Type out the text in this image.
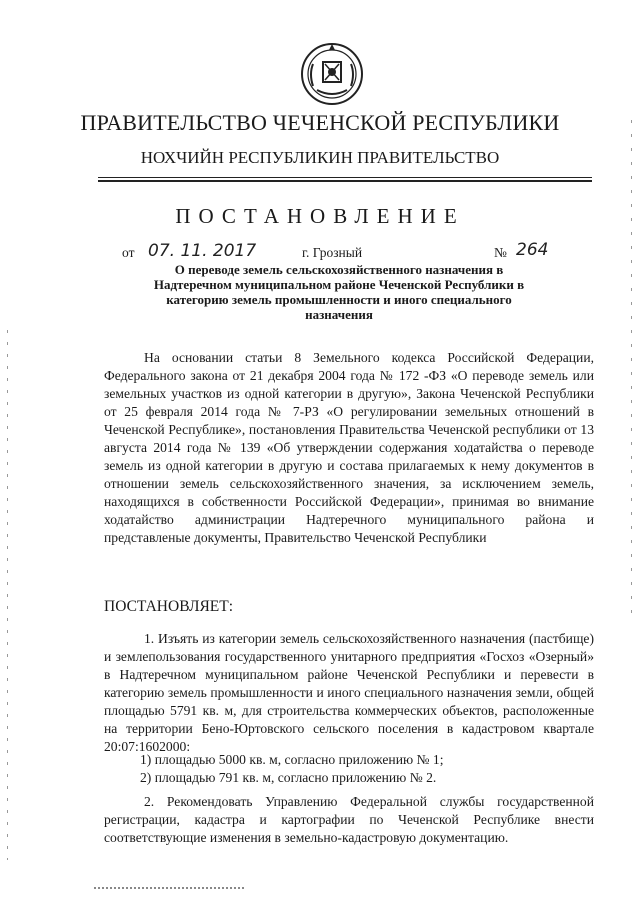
ПРАВИТЕЛЬСТВО ЧЕЧЕНСКОЙ РЕСПУБЛИКИ
НОХЧИЙН РЕСПУБЛИКИН ПРАВИТЕЛЬСТВО
ПОСТАНОВЛЕНИЕ
от 07. 11. 2017	г. Грозный	№ 264
О переводе земель сельскохозяйственного назначения в Надтеречном муниципальном районе Чеченской Республики в категорию земель промышленности и иного специального назначения
На основании статьи 8 Земельного кодекса Российской Федерации, Федерального закона от 21 декабря 2004 года № 172 -ФЗ «О переводе земель или земельных участков из одной категории в другую», Закона Чеченской Республики от 25 февраля 2014 года № 7-РЗ «О регулировании земельных отношений в Чеченской Республике», постановления Правительства Чеченской республики от 13 августа 2014 года № 139 «Об утверждении содержания ходатайства о переводе земель из одной категории в другую и состава прилагаемых к нему документов в отношении земель сельскохозяйственного значения, за исключением земель, находящихся в собственности Российской Федерации», принимая во внимание ходатайство администрации Надтеречного муниципального района и представленые документы, Правительство Чеченской Республики
ПОСТАНОВЛЯЕТ:
1. Изъять из категории земель сельскохозяйственного назначения (пастбище) и землепользования государственного унитарного предприятия «Госхоз «Озерный» в Надтеречном муниципальном районе Чеченской Республики и перевести в категорию земель промышленности и иного специального назначения земли, общей площадью 5791 кв. м, для строительства коммерческих объектов, расположенные на территории Бено-Юртовского сельского поселения в кадастровом квартале 20:07:1602000:
1) площадью 5000 кв. м, согласно приложению № 1;
2) площадью 791 кв. м, согласно приложению № 2.
2. Рекомендовать Управлению Федеральной службы государственной регистрации, кадастра и картографии по Чеченской Республике внести соответствующие изменения в земельно-кадастровую документацию.
